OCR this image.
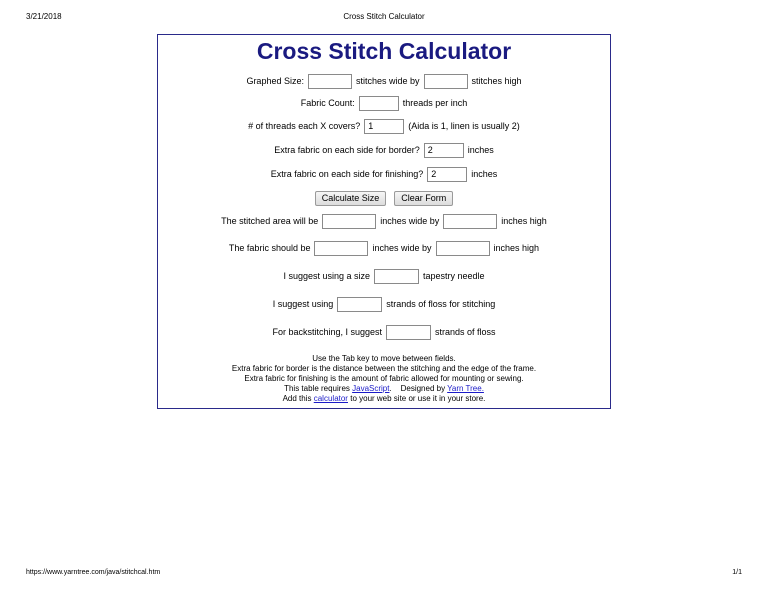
3/21/2018	Cross Stitch Calculator
Cross Stitch Calculator
Graphed Size:	stitches wide by	stitches high
Fabric Count:	threads per inch
# of threads each X covers?
1	(Aida is 1, linen is usually 2)
Extra fabric on each side for border?
2	inches
Extra fabric on each side for finishing?
2	inches
Calculate Size	Clear Form
The stitched area will be	inches wide by	inches high
The fabric should be	inches wide by	inches high
I suggest using a size	tapestry needle
I suggest using	strands of floss for stitching
For backstitching, I suggest	strands of floss
Use the Tab key to move between fields.
Extra fabric for border is the distance between the stitching and the edge of the frame.
Extra fabric for finishing is the amount of fabric allowed for mounting or sewing.
This table requires JavaScript.    Designed by Yarn Tree.
Add this calculator to your web site or use it in your store.
https://www.yarntree.com/java/stitchcal.htm	1/1
